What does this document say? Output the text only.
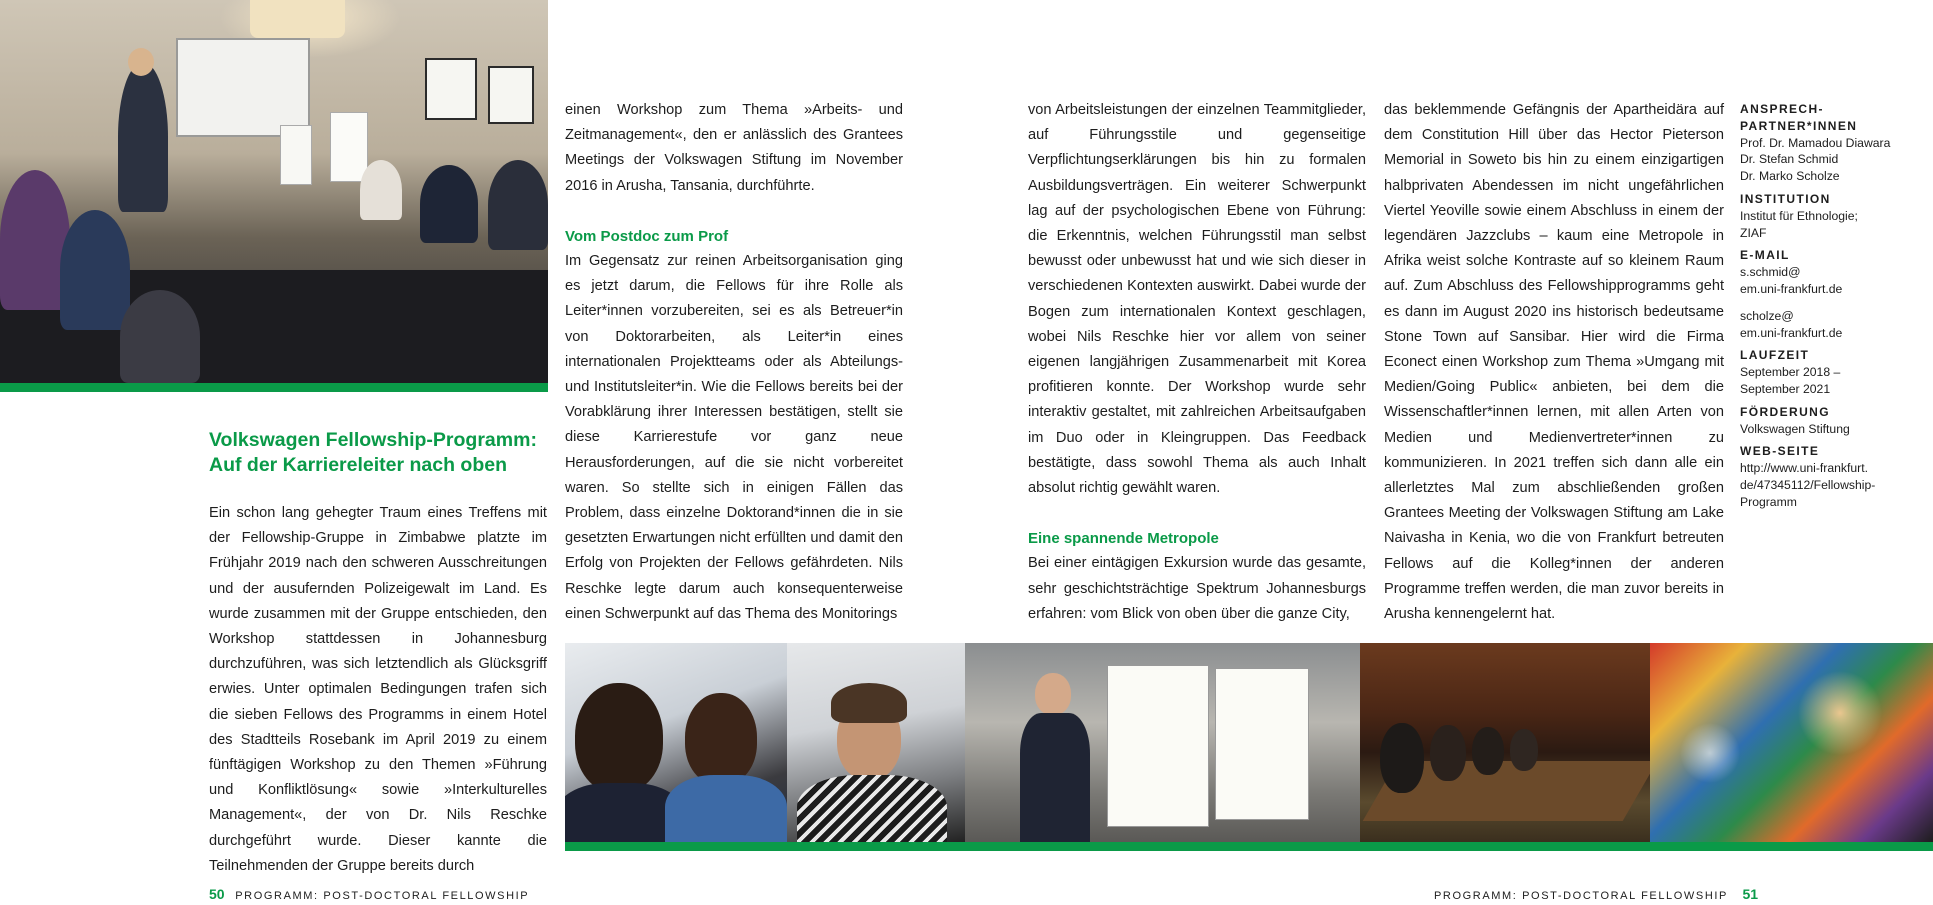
Volkswagen Fellowship-Programm:
Auf der Karriereleiter nach oben

Ein schon lang gehegter Traum eines Treffens mit der Fellowship-Gruppe in Zimbabwe platzte im Frühjahr 2019 nach den schweren Ausschreitungen und der ausufernden Polizeigewalt im Land. Es wurde zusammen mit der Gruppe entschieden, den Workshop stattdessen in Johannesburg durchzuführen, was sich letztendlich als Glücksgriff erwies. Unter optimalen Bedingungen trafen sich die sieben Fellows des Programms in einem Hotel des Stadtteils Rosebank im April 2019 zu einem fünftägigen Workshop zu den Themen »Führung und Konfliktlösung« sowie »Interkulturelles Management«, der von Dr. Nils Reschke durchgeführt wurde. Dieser kannte die Teilnehmenden der Gruppe bereits durch

einen Workshop zum Thema »Arbeits- und Zeitmanagement«, den er anlässlich des Grantees Meetings der Volkswagen Stiftung im November 2016 in Arusha, Tansania, durchführte.

Vom Postdoc zum Prof

Im Gegensatz zur reinen Arbeitsorganisation ging es jetzt darum, die Fellows für ihre Rolle als Leiter*innen vorzubereiten, sei es als Betreuer*in von Doktorarbeiten, als Leiter*in eines internationalen Projektteams oder als Abteilungs- und Institutsleiter*in. Wie die Fellows bereits bei der Vorabklärung ihrer Interessen bestätigen, stellt sie diese Karrierestufe vor ganz neue Herausforderungen, auf die sie nicht vorbereitet waren. So stellte sich in einigen Fällen das Problem, dass einzelne Doktorand*innen die in sie gesetzten Erwartungen nicht erfüllten und damit den Erfolg von Projekten der Fellows gefährdeten. Nils Reschke legte darum auch konsequenterweise einen Schwerpunkt auf das Thema des Monitorings

von Arbeitsleistungen der einzelnen Teammitglieder, auf Führungsstile und gegenseitige Verpflichtungserklärungen bis hin zu formalen Ausbildungsverträgen. Ein weiterer Schwerpunkt lag auf der psychologischen Ebene von Führung: die Erkenntnis, welchen Führungsstil man selbst bewusst oder unbewusst hat und wie sich dieser in verschiedenen Kontexten auswirkt. Dabei wurde der Bogen zum internationalen Kontext geschlagen, wobei Nils Reschke hier vor allem von seiner eigenen langjährigen Zusammenarbeit mit Korea profitieren konnte. Der Workshop wurde sehr interaktiv gestaltet, mit zahlreichen Arbeitsaufgaben im Duo oder in Kleingruppen. Das Feedback bestätigte, dass sowohl Thema als auch Inhalt absolut richtig gewählt waren.

Eine spannende Metropole

Bei einer eintägigen Exkursion wurde das gesamte, sehr geschichtsträchtige Spektrum Johannesburgs erfahren: vom Blick von oben über die ganze City,

das beklemmende Gefängnis der Apartheidära auf dem Constitution Hill über das Hector Pieterson Memorial in Soweto bis hin zu einem einzigartigen halbprivaten Abendessen im nicht ungefährlichen Viertel Yeoville sowie einem Abschluss in einem der legendären Jazzclubs – kaum eine Metropole in Afrika weist solche Kontraste auf so kleinem Raum auf. Zum Abschluss des Fellowshipprogramms geht es dann im August 2020 ins historisch bedeutsame Stone Town auf Sansibar. Hier wird die Firma Econect einen Workshop zum Thema »Umgang mit Medien/Going Public« anbieten, bei dem die Wissenschaftler*innen lernen, mit allen Arten von Medien und Medienvertreter*innen zu kommunizieren. In 2021 treffen sich dann alle ein allerletztes Mal zum abschließenden großen Grantees Meeting der Volkswagen Stiftung am Lake Naivasha in Kenia, wo die von Frankfurt betreuten Fellows auf die Kolleg*innen der anderen Programme treffen werden, die man zuvor bereits in Arusha kennengelernt hat.

ANSPRECH-PARTNER*INNEN
Prof. Dr. Mamadou Diawara
Dr. Stefan Schmid
Dr. Marko Scholze
INSTITUTION
Institut für Ethnologie;
ZIAF
E-MAIL
s.schmid@
em.uni-frankfurt.de
scholze@
em.uni-frankfurt.de
LAUFZEIT
September 2018 –
September 2021
FÖRDERUNG
Volkswagen Stiftung
WEB-SEITE
http://www.uni-frankfurt.
de/47345112/Fellowship-
Programm
50 PROGRAMM: POST-DOCTORAL FELLOWSHIP	PROGRAMM: POST-DOCTORAL FELLOWSHIP 51
